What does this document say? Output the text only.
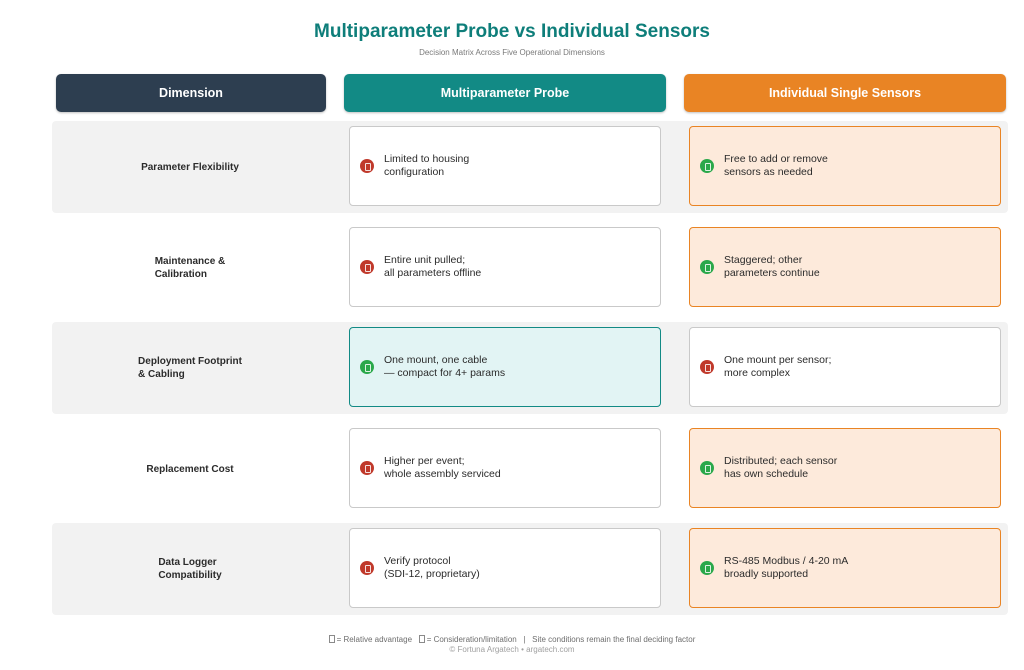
Multiparameter Probe vs Individual Sensors
Decision Matrix Across Five Operational Dimensions
Dimension	Multiparameter Probe	Individual Single Sensors
Parameter Flexibility
Limited to housing
configuration
Free to add or remove
sensors as needed
Maintenance &
Calibration
Entire unit pulled;
all parameters offline
Staggered; other
parameters continue
Deployment Footprint
& Cabling
One mount, one cable
— compact for 4+ params
One mount per sensor;
more complex
Replacement Cost
Higher per event;
whole assembly serviced
Distributed; each sensor
has own schedule
Data Logger
Compatibility
Verify protocol
(SDI-12, proprietary)
RS-485 Modbus / 4-20 mA
broadly supported
= Relative advantage = Consideration/limitation | Site conditions remain the final deciding factor
© Fortuna Argatech • argatech.com
